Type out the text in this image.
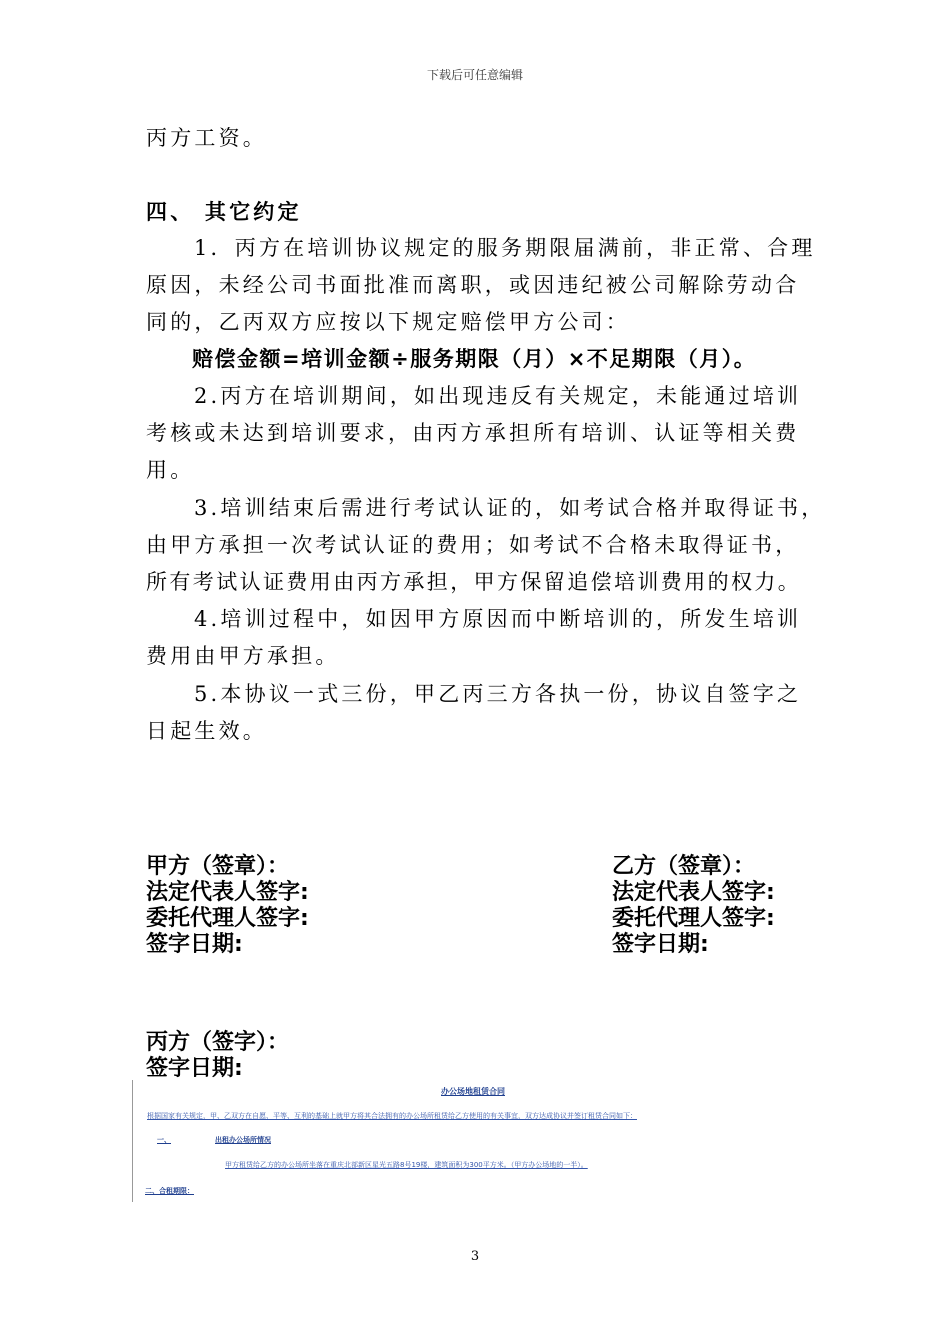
下载后可任意编辑
丙方工资。
四、 其它约定
1．丙方在培训协议规定的服务期限届满前，非正常、合理
原因，未经公司书面批准而离职，或因违纪被公司解除劳动合
同的，乙丙双方应按以下规定赔偿甲方公司：
赔偿金额=培训金额÷服务期限（月）×不足期限（月）。
2.丙方在培训期间，如出现违反有关规定，未能通过培训
考核或未达到培训要求，由丙方承担所有培训、认证等相关费
用。
3.培训结束后需进行考试认证的，如考试合格并取得证书，
由甲方承担一次考试认证的费用；如考试不合格未取得证书，
所有考试认证费用由丙方承担，甲方保留追偿培训费用的权力。
4.培训过程中，如因甲方原因而中断培训的，所发生培训
费用由甲方承担。
5.本协议一式三份，甲乙丙三方各执一份，协议自签字之
日起生效。
甲方（签章）：
法定代表人签字:
委托代理人签字:
签字日期:
乙方（签章）：
法定代表人签字:
委托代理人签字:
签字日期:
丙方（签字）：
签字日期:
办公场地租赁合同
根据国家有关规定，甲、乙双方在自愿、平等、互利的基础上就甲方将其合法拥有的办公场所租赁给乙方使用的有关事宜，双方达成协议并签订租赁合同如下：
一、	出租办公场所情况
甲方租赁给乙方的办公场所坐落在重庆北部新区星光五路8号19楼，建筑面积为300平方米。（甲方办公场地的一半）。
二、合租期限：
3
